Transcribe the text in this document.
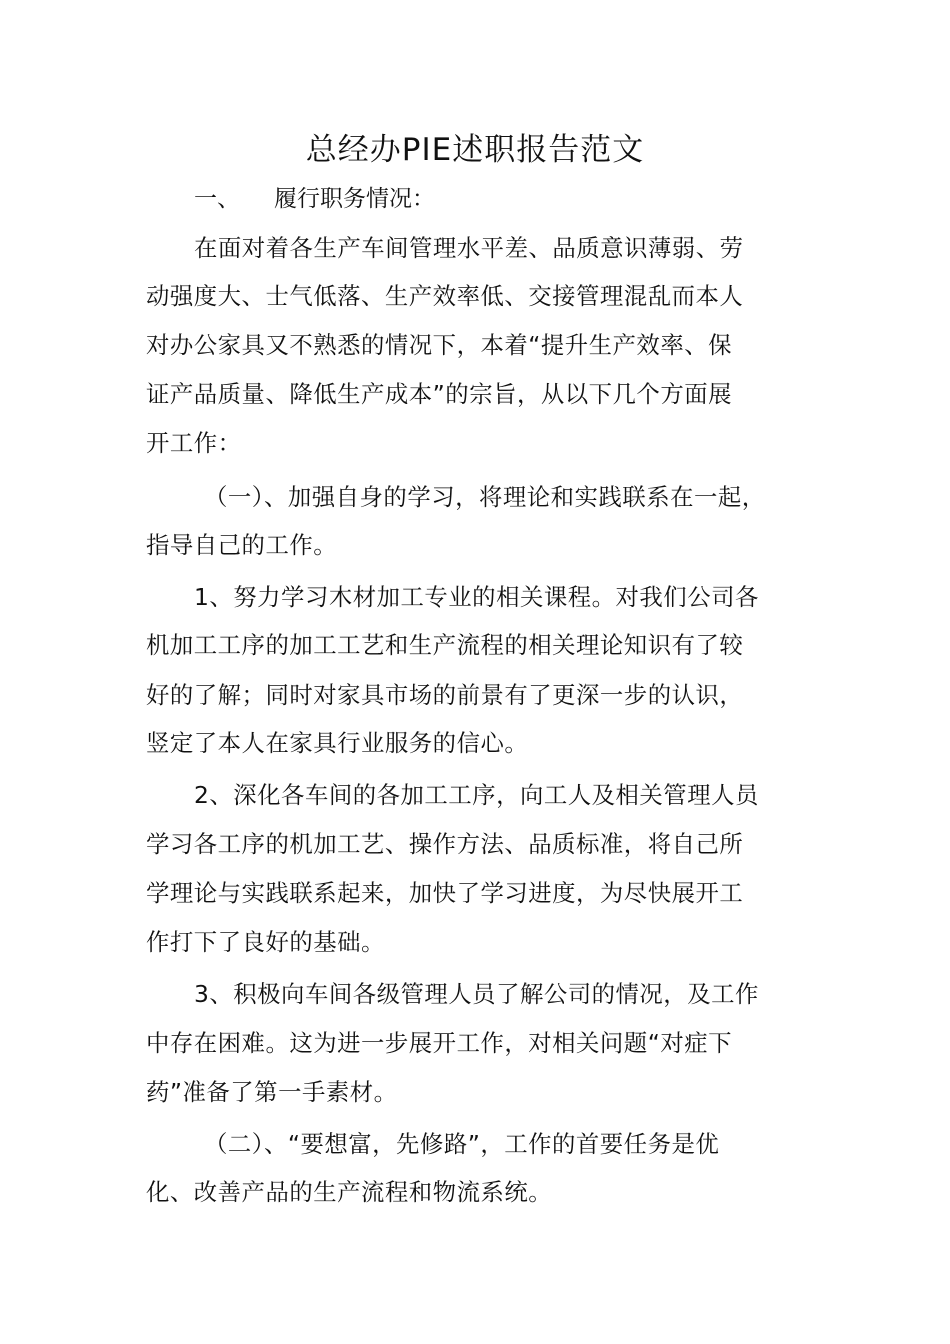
总经办PIE述职报告范文
一、 履行职务情况：
在面对着各生产车间管理水平差、品质意识薄弱、劳
动强度大、士气低落、生产效率低、交接管理混乱而本人
对办公家具又不熟悉的情况下，本着“提升生产效率、保
证产品质量、降低生产成本”的宗旨，从以下几个方面展
开工作：
（一）、加强自身的学习，将理论和实践联系在一起，
指导自己的工作。
1、努力学习木材加工专业的相关课程。对我们公司各
机加工工序的加工工艺和生产流程的相关理论知识有了较
好的了解；同时对家具市场的前景有了更深一步的认识，
竖定了本人在家具行业服务的信心。
2、深化各车间的各加工工序，向工人及相关管理人员
学习各工序的机加工艺、操作方法、品质标准，将自己所
学理论与实践联系起来，加快了学习进度，为尽快展开工
作打下了良好的基础。
3、积极向车间各级管理人员了解公司的情况，及工作
中存在困难。这为进一步展开工作，对相关问题“对症下
药”准备了第一手素材。
（二）、“要想富，先修路”，工作的首要任务是优
化、改善产品的生产流程和物流系统。
